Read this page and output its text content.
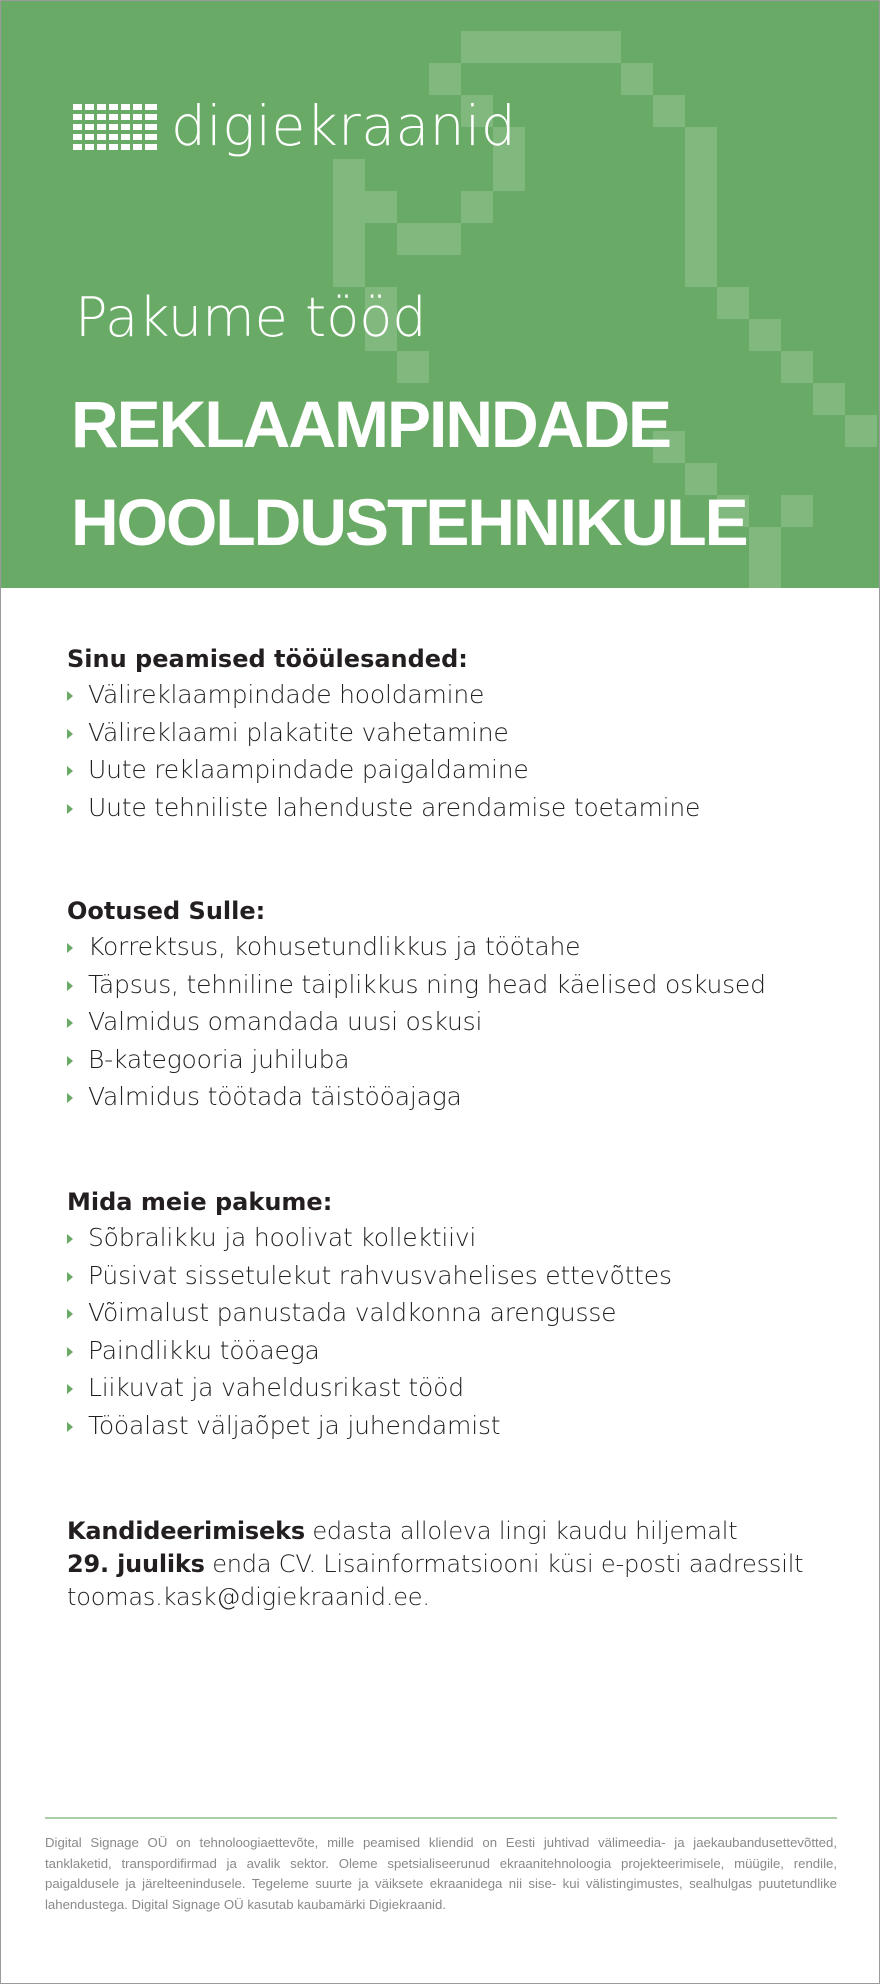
digiekraanid
Pakume tööd
REKLAAMPINDADE
HOOLDUSTEHNIKULE
Sinu peamised tööülesanded:
Välireklaampindade hooldamine
Välireklaami plakatite vahetamine
Uute reklaampindade paigaldamine
Uute tehniliste lahenduste arendamise toetamine
Ootused Sulle:
Korrektsus, kohusetundlikkus ja töötahe
Täpsus, tehniline taiplikkus ning head käelised oskused
Valmidus omandada uusi oskusi
B-kategooria juhiluba
Valmidus töötada täistööajaga
Mida meie pakume:
Sõbralikku ja hoolivat kollektiivi
Püsivat sissetulekut rahvusvahelises ettevõttes
Võimalust panustada valdkonna arengusse
Paindlikku tööaega
Liikuvat ja vaheldusrikast tööd
Tööalast väljaõpet ja juhendamist
Kandideerimiseks edasta alloleva lingi kaudu hiljemalt
29. juuliks enda CV. Lisainformatsiooni küsi e-posti aadressilt
toomas.kask@digiekraanid.ee.
Digital Signage OÜ on tehnoloogiaettevõte, mille peamised kliendid on Eesti juhtivad välimeedia- ja jaekaubandusettevõtted, tanklaketid, transpordifirmad ja avalik sektor. Oleme spetsialiseerunud ekraanitehnoloogia projekteerimisele, müügile, rendile, paigaldusele ja järelteenindusele. Tegeleme suurte ja väiksete ekraanidega nii sise- kui välistingimustes, sealhulgas puutetundlike lahendustega. Digital Signage OÜ kasutab kaubamärki Digiekraanid.
